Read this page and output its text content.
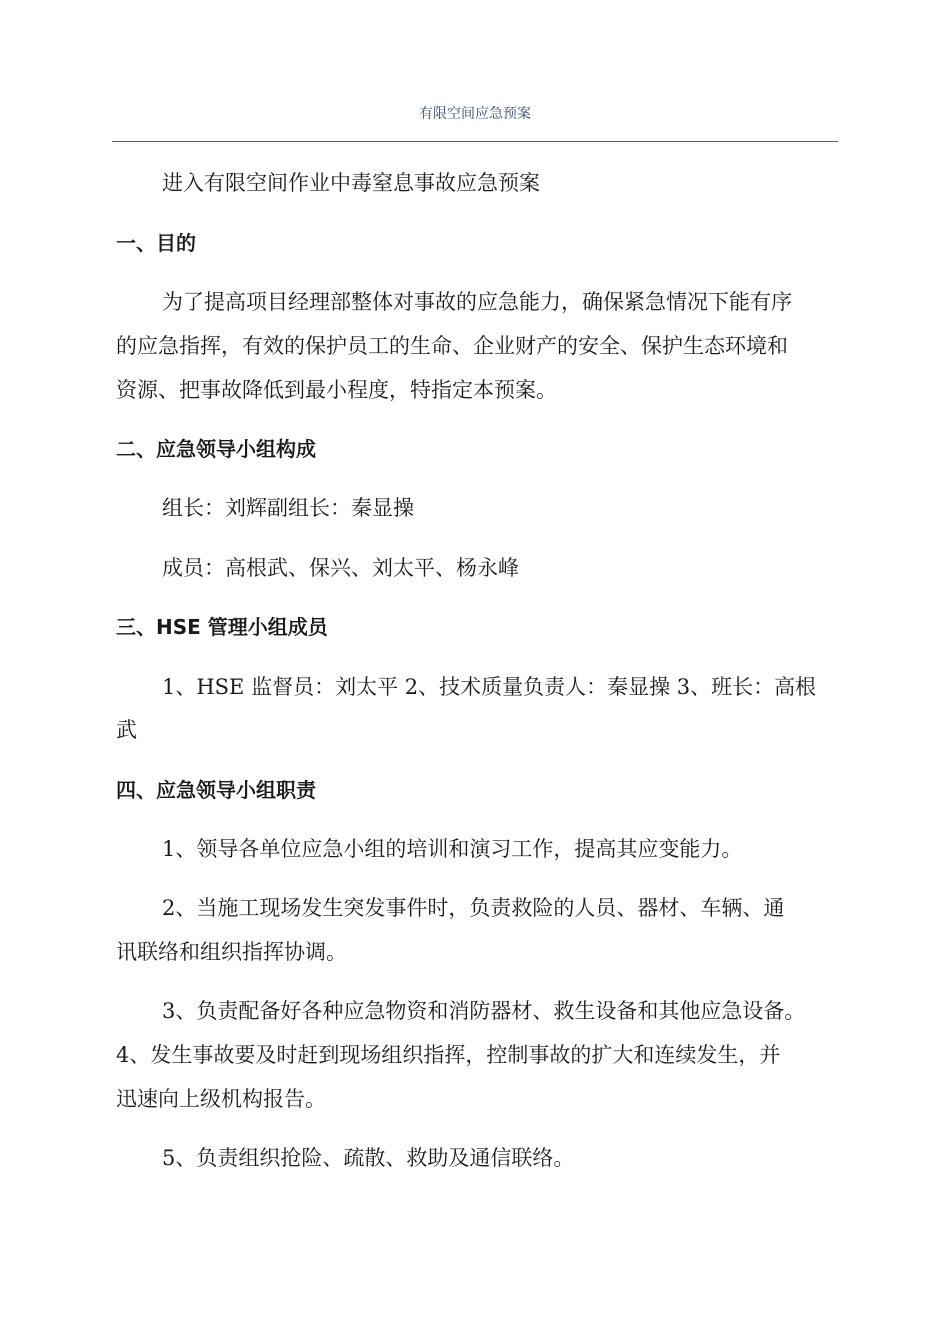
有限空间应急预案
进入有限空间作业中毒窒息事故应急预案
一、目的
为了提高项目经理部整体对事故的应急能力，确保紧急情况下能有序
的应急指挥，有效的保护员工的生命、企业财产的安全、保护生态环境和
资源、把事故降低到最小程度，特指定本预案。
二、应急领导小组构成
组长：刘辉副组长：秦显操
成员：高根武、保兴、刘太平、杨永峰
三、HSE 管理小组成员
1、HSE 监督员：刘太平 2、技术质量负责人：秦显操 3、班长：高根
武
四、应急领导小组职责
1、领导各单位应急小组的培训和演习工作，提高其应变能力。
2、当施工现场发生突发事件时，负责救险的人员、器材、车辆、通
讯联络和组织指挥协调。
3、负责配备好各种应急物资和消防器材、救生设备和其他应急设备。
4、发生事故要及时赶到现场组织指挥，控制事故的扩大和连续发生，并
迅速向上级机构报告。
5、负责组织抢险、疏散、救助及通信联络。
